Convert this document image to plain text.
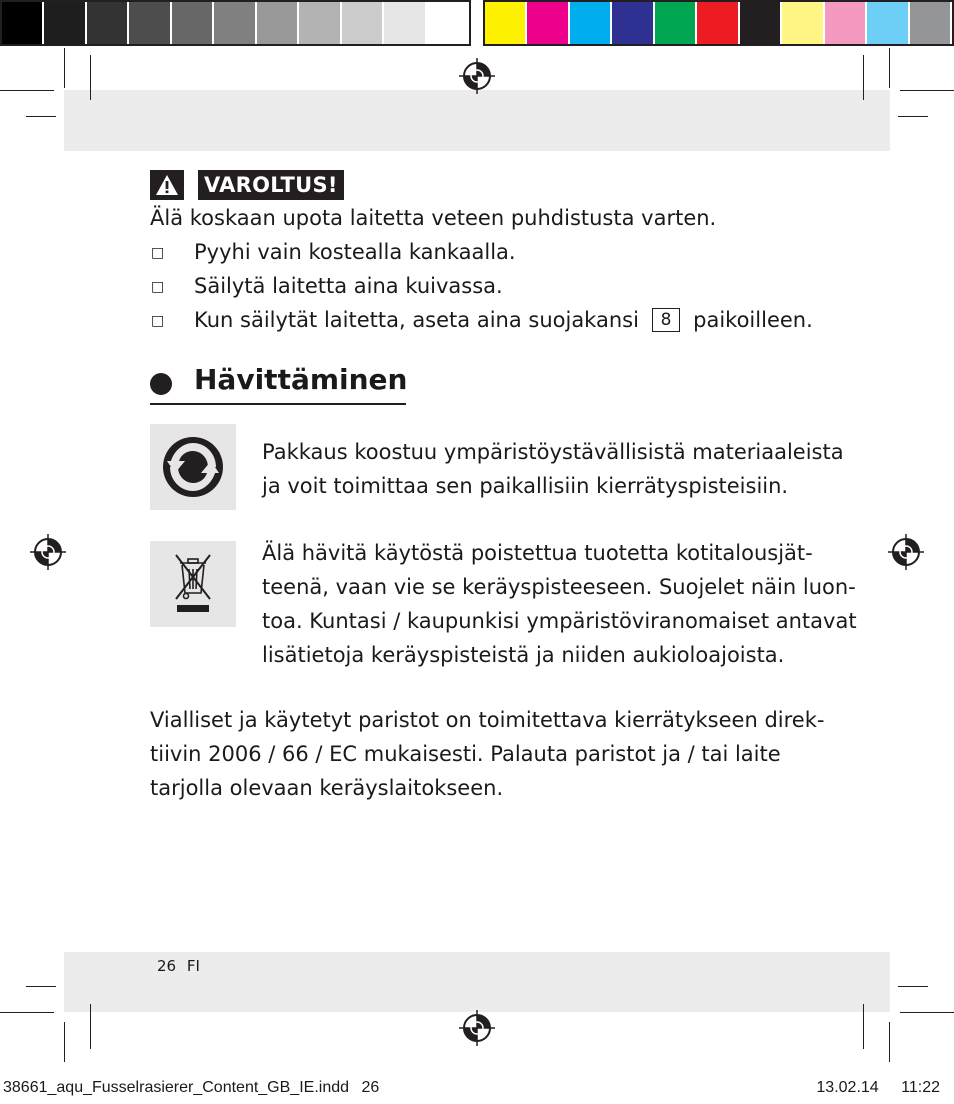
VAROLTUS!
Älä koskaan upota laitetta veteen puhdistusta varten.
□ Pyyhi vain kostealla kankaalla.
□ Säilytä laitetta aina kuivassa.
□ Kun säilytät laitetta, aseta aina suojakansi 8 paikoilleen.
Hävittäminen
Pakkaus koostuu ympäristöystävällisistä materiaaleista
ja voit toimittaa sen paikallisiin kierrätyspisteisiin.
Älä hävitä käytöstä poistettua tuotetta kotitalousjät-
teenä, vaan vie se keräyspisteeseen. Suojelet näin luon-
toa. Kuntasi / kaupunkisi ympäristöviranomaiset antavat
lisätietoja keräyspisteistä ja niiden aukioloajoista.
Vialliset ja käytetyt paristot on toimitettava kierrätykseen direk-
tiivin 2006 / 66 / EC mukaisesti. Palauta paristot ja / tai laite
tarjolla olevaan keräyslaitokseen.
26 FI
38661_aqu_Fusselrasierer_Content_GB_IE.indd 26	13.02.14 11:22
